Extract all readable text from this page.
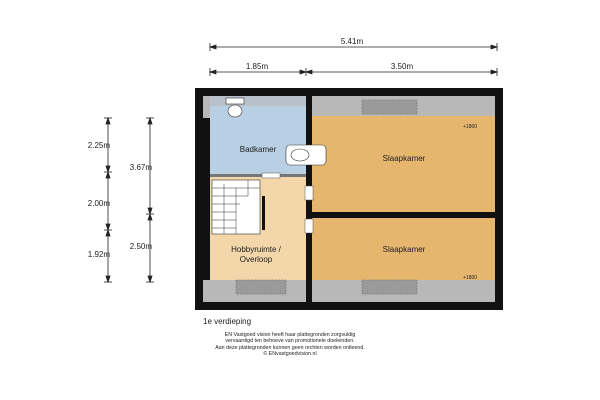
5.41m
1.85m	3.50m
2.25m
2.00m
1.92m
3.67m
2.50m
Badkamer
Slaapkamer
Slaapkamer
Hobbyruimte /
Overloop
+1800
+1800
1e verdieping
EN Vastgoed vision heeft haar plattegronden zorgvuldig
vervaardigd ten behoeve van promotionele doeleinden.
Aan deze plattegronden kunnen geen rechten worden ontleend.
© ENvastgoedvision.nl
